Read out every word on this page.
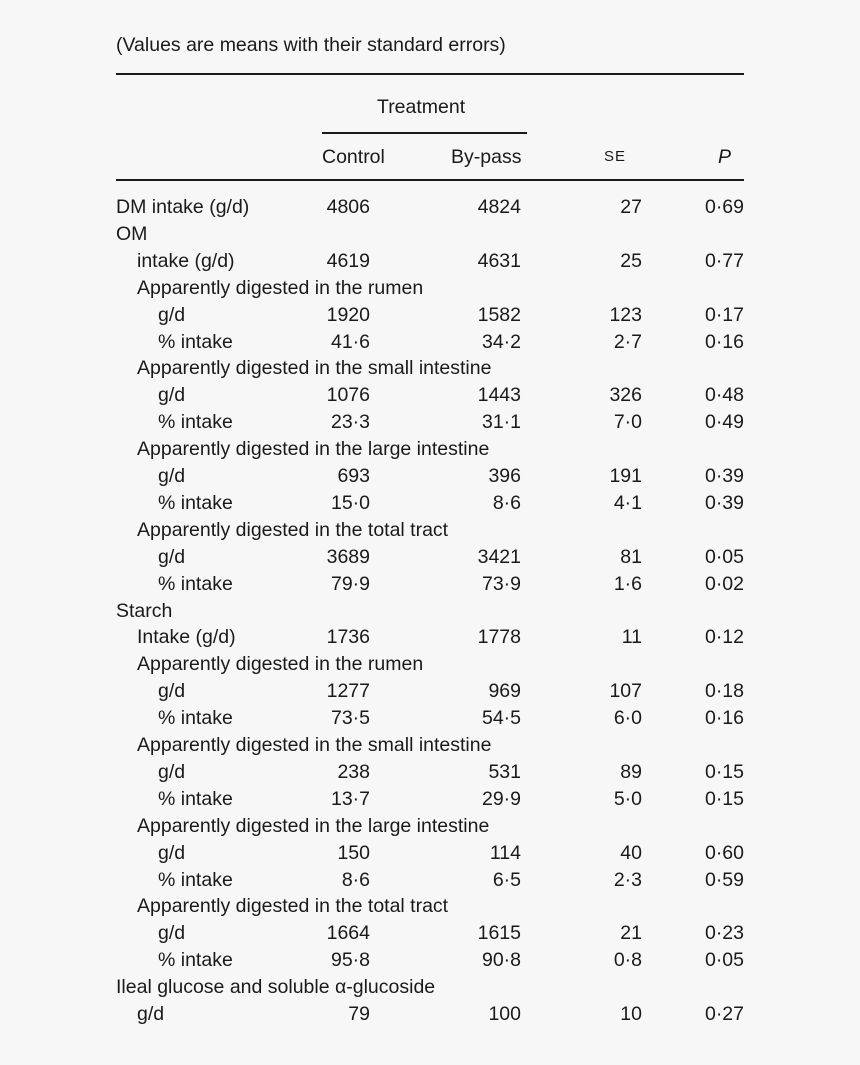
(Values are means with their standard errors)
Treatment
Control	By-pass	SE	P
DM intake (g/d)	4806	4824	27	0·69
OM
intake (g/d)	4619	4631	25	0·77
Apparently digested in the rumen
g/d	1920	1582	123	0·17
% intake	41·6	34·2	2·7	0·16
Apparently digested in the small intestine
g/d	1076	1443	326	0·48
% intake	23·3	31·1	7·0	0·49
Apparently digested in the large intestine
g/d	693	396	191	0·39
% intake	15·0	8·6	4·1	0·39
Apparently digested in the total tract
g/d	3689	3421	81	0·05
% intake	79·9	73·9	1·6	0·02
Starch
Intake (g/d)	1736	1778	11	0·12
Apparently digested in the rumen
g/d	1277	969	107	0·18
% intake	73·5	54·5	6·0	0·16
Apparently digested in the small intestine
g/d	238	531	89	0·15
% intake	13·7	29·9	5·0	0·15
Apparently digested in the large intestine
g/d	150	114	40	0·60
% intake	8·6	6·5	2·3	0·59
Apparently digested in the total tract
g/d	1664	1615	21	0·23
% intake	95·8	90·8	0·8	0·05
Ileal glucose and soluble α-glucoside
g/d	79	100	10	0·27
